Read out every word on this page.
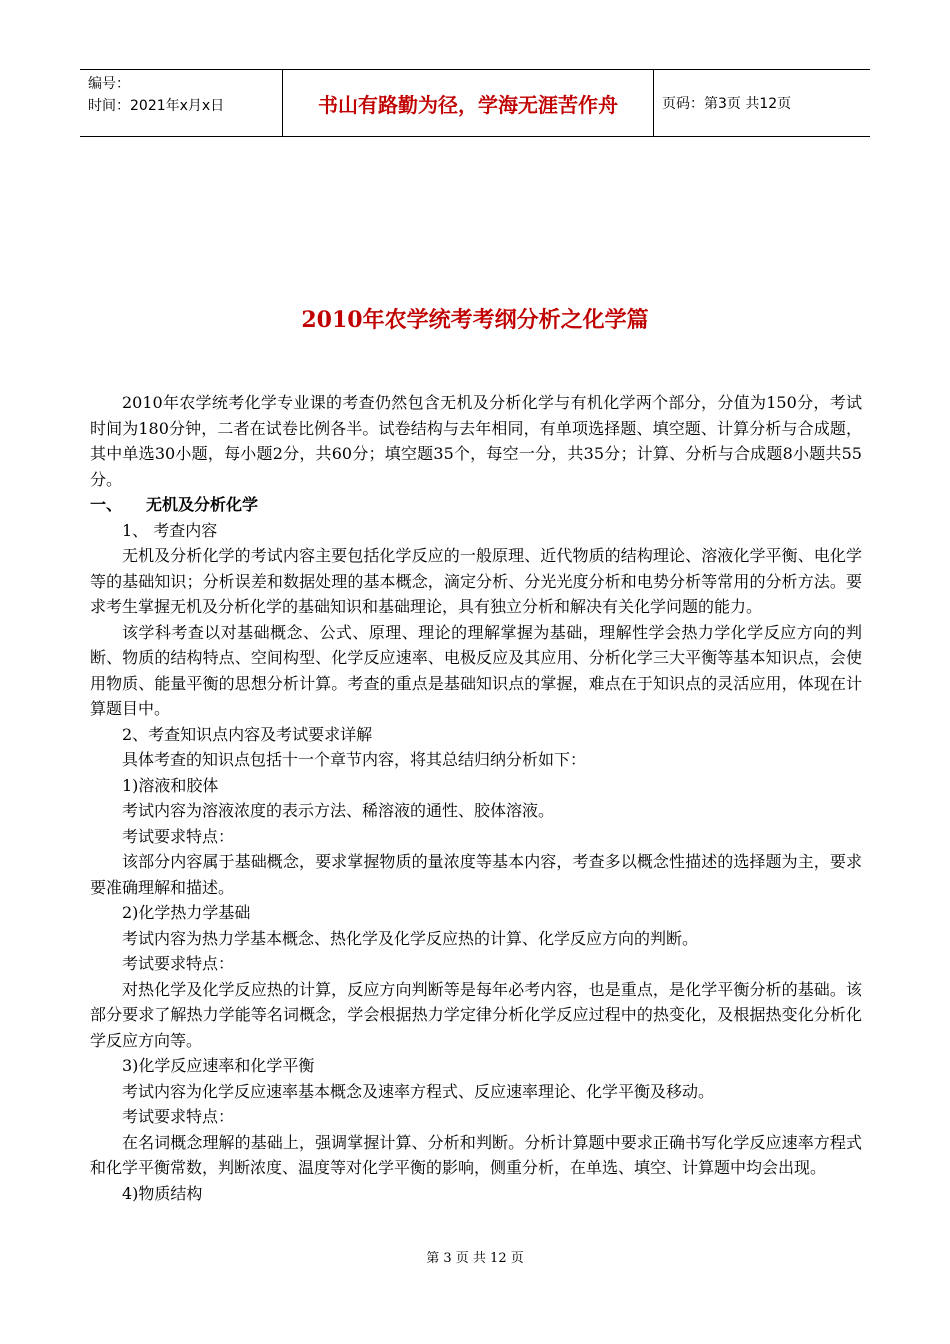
编号：
时间：2021年x月x日	书山有路勤为径，学海无涯苦作舟	页码：第3页 共12页
2010年农学统考考纲分析之化学篇

2010年农学统考化学专业课的考查仍然包含无机及分析化学与有机化学两个部分，分值为150分，考试时间为180分钟，二者在试卷比例各半。试卷结构与去年相同，有单项选择题、填空题、计算分析与合成题，其中单选30小题，每小题2分，共60分；填空题35个，每空一分，共35分；计算、分析与合成题8小题共55分。

一、	无机及分析化学

1、 考查内容

无机及分析化学的考试内容主要包括化学反应的一般原理、近代物质的结构理论、溶液化学平衡、电化学等的基础知识；分析误差和数据处理的基本概念，滴定分析、分光光度分析和电势分析等常用的分析方法。要求考生掌握无机及分析化学的基础知识和基础理论，具有独立分析和解决有关化学问题的能力。

该学科考查以对基础概念、公式、原理、理论的理解掌握为基础，理解性学会热力学化学反应方向的判断、物质的结构特点、空间构型、化学反应速率、电极反应及其应用、分析化学三大平衡等基本知识点，会使用物质、能量平衡的思想分析计算。考查的重点是基础知识点的掌握，难点在于知识点的灵活应用，体现在计算题目中。

2、考查知识点内容及考试要求详解

具体考查的知识点包括十一个章节内容，将其总结归纳分析如下：

1)溶液和胶体

考试内容为溶液浓度的表示方法、稀溶液的通性、胶体溶液。

考试要求特点：

该部分内容属于基础概念，要求掌握物质的量浓度等基本内容，考查多以概念性描述的选择题为主，要求要准确理解和描述。

2)化学热力学基础

考试内容为热力学基本概念、热化学及化学反应热的计算、化学反应方向的判断。

考试要求特点：

对热化学及化学反应热的计算，反应方向判断等是每年必考内容，也是重点，是化学平衡分析的基础。该部分要求了解热力学能等名词概念，学会根据热力学定律分析化学反应过程中的热变化，及根据热变化分析化学反应方向等。

3)化学反应速率和化学平衡

考试内容为化学反应速率基本概念及速率方程式、反应速率理论、化学平衡及移动。

考试要求特点：

在名词概念理解的基础上，强调掌握计算、分析和判断。分析计算题中要求正确书写化学反应速率方程式和化学平衡常数，判断浓度、温度等对化学平衡的影响，侧重分析，在单选、填空、计算题中均会出现。

4)物质结构

第 3 页 共 12 页
